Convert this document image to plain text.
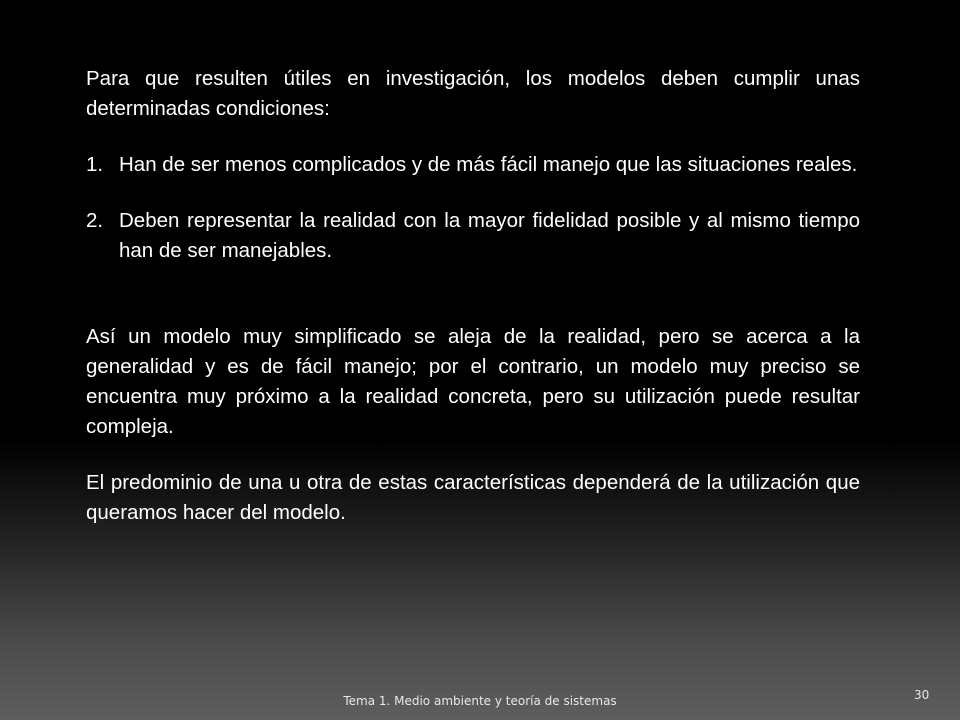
Para que resulten útiles en investigación, los modelos deben cumplir unas determinadas condiciones:

1. Han de ser menos complicados y de más fácil manejo que las situaciones reales.
2. Deben representar la realidad con la mayor fidelidad posible y al mismo tiempo han de ser manejables.

Así un modelo muy simplificado se aleja de la realidad, pero se acerca a la generalidad y es de fácil manejo; por el contrario, un modelo muy preciso se encuentra muy próximo a la realidad concreta, pero su utilización puede resultar compleja.

El predominio de una u otra de estas características dependerá de la utilización que queramos hacer del modelo.

Tema 1. Medio ambiente y teoría de sistemas	30
